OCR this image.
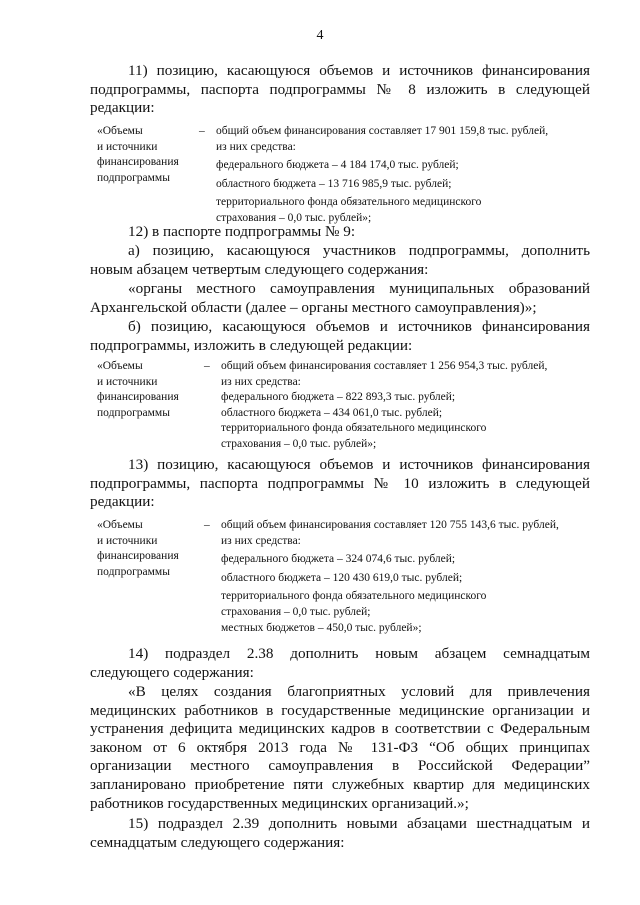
4
11) позицию, касающуюся объемов и источников финансирования подпрограммы, паспорта подпрограммы № 8 изложить в следующей редакции:
«Объемы
и источники
финансирования
подпрограммы
– общий объем финансирования составляет 17 901 159,8 тыс. рублей,
из них средства:
федерального бюджета – 4 184 174,0 тыс. рублей;
областного бюджета – 13 716 985,9 тыс. рублей;
территориального фонда обязательного медицинского
страхования – 0,0 тыс. рублей»;
12) в паспорте подпрограммы № 9:
а) позицию, касающуюся участников подпрограммы, дополнить новым абзацем четвертым следующего содержания:
«органы местного самоуправления муниципальных образований Архангельской области (далее – органы местного самоуправления)»;
б) позицию, касающуюся объемов и источников финансирования подпрограммы, изложить в следующей редакции:
«Объемы
и источники
финансирования
подпрограммы
– общий объем финансирования составляет 1 256 954,3 тыс. рублей,
из них средства:
федерального бюджета – 822 893,3 тыс. рублей;
областного бюджета – 434 061,0 тыс. рублей;
территориального фонда обязательного медицинского
страхования – 0,0 тыс. рублей»;
13) позицию, касающуюся объемов и источников финансирования подпрограммы, паспорта подпрограммы № 10 изложить в следующей редакции:
«Объемы
и источники
финансирования
подпрограммы
– общий объем финансирования составляет 120 755 143,6 тыс. рублей,
из них средства:
федерального бюджета – 324 074,6 тыс. рублей;
областного бюджета – 120 430 619,0 тыс. рублей;
территориального фонда обязательного медицинского
страхования – 0,0 тыс. рублей;
местных бюджетов – 450,0 тыс. рублей»;
14) подраздел 2.38 дополнить новым абзацем семнадцатым следующего содержания:
«В целях создания благоприятных условий для привлечения медицинских работников в государственные медицинские организации и устранения дефицита медицинских кадров в соответствии с Федеральным законом от 6 октября 2013 года № 131-ФЗ “Об общих принципах организации местного самоуправления в Российской Федерации” запланировано приобретение пяти служебных квартир для медицинских работников государственных медицинских организаций.»;
15) подраздел 2.39 дополнить новыми абзацами шестнадцатым и семнадцатым следующего содержания:
